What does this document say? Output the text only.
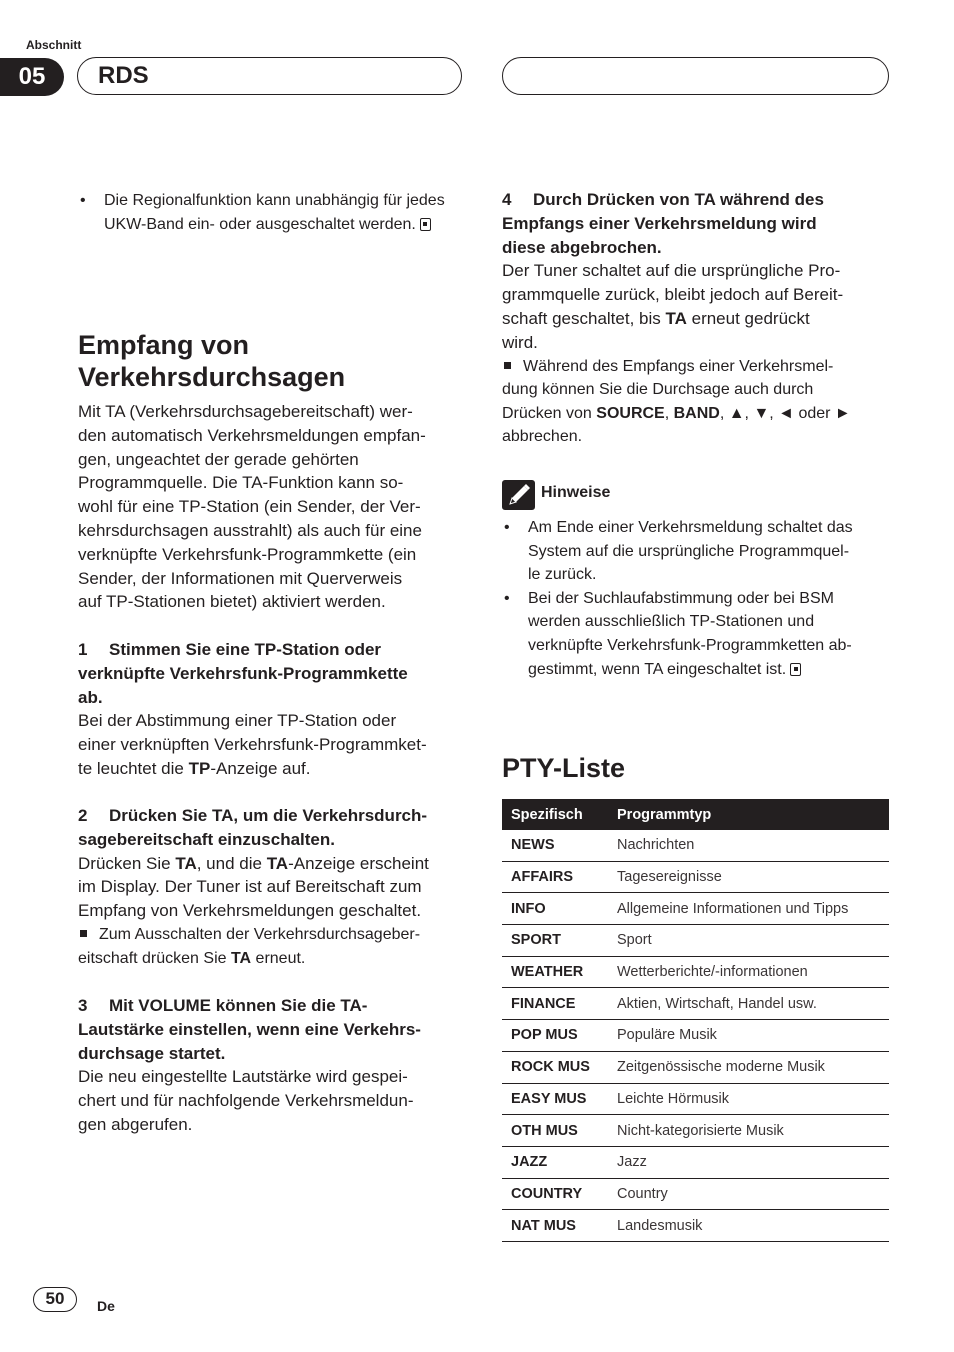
Abschnitt
05	RDS
• Die Regionalfunktion kann unabhängig für jedes UKW-Band ein- oder ausgeschaltet werden.
Empfang von
Verkehrsdurchsagen
Mit TA (Verkehrsdurchsagebereitschaft) wer-
den automatisch Verkehrsmeldungen empfan-
gen, ungeachtet der gerade gehörten
Programmquelle. Die TA-Funktion kann so-
wohl für eine TP-Station (ein Sender, der Ver-
kehrsdurchsagen ausstrahlt) als auch für eine
verknüpfte Verkehrsfunk-Programmkette (ein
Sender, der Informationen mit Querverweis
auf TP-Stationen bietet) aktiviert werden.
1 Stimmen Sie eine TP-Station oder
verknüpfte Verkehrsfunk-Programmkette
ab.
Bei der Abstimmung einer TP-Station oder
einer verknüpften Verkehrsfunk-Programmket-
te leuchtet die TP-Anzeige auf.
2 Drücken Sie TA, um die Verkehrsdurch-
sagebereitschaft einzuschalten.
Drücken Sie TA, und die TA-Anzeige erscheint
im Display. Der Tuner ist auf Bereitschaft zum
Empfang von Verkehrsmeldungen geschaltet.
Zum Ausschalten der Verkehrsdurchsageber-
eitschaft drücken Sie TA erneut.
3 Mit VOLUME können Sie die TA-
Lautstärke einstellen, wenn eine Verkehrs-
durchsage startet.
Die neu eingestellte Lautstärke wird gespei-
chert und für nachfolgende Verkehrsmeldun-
gen abgerufen.
4 Durch Drücken von TA während des
Empfangs einer Verkehrsmeldung wird
diese abgebrochen.
Der Tuner schaltet auf die ursprüngliche Pro-
grammquelle zurück, bleibt jedoch auf Bereit-
schaft geschaltet, bis TA erneut gedrückt
wird.
Während des Empfangs einer Verkehrsmel-
dung können Sie die Durchsage auch durch
Drücken von SOURCE, BAND, ▲, ▼, ◄ oder ►
abbrechen.
Hinweise
• Am Ende einer Verkehrsmeldung schaltet das
System auf die ursprüngliche Programmquel-
le zurück.
• Bei der Suchlaufabstimmung oder bei BSM
werden ausschließlich TP-Stationen und
verknüpfte Verkehrsfunk-Programmketten ab-
gestimmt, wenn TA eingeschaltet ist.
PTY-Liste
Spezifisch	Programmtyp
NEWS	Nachrichten
AFFAIRS	Tagesereignisse
INFO	Allgemeine Informationen und Tipps
SPORT	Sport
WEATHER	Wetterberichte/-informationen
FINANCE	Aktien, Wirtschaft, Handel usw.
POP MUS	Populäre Musik
ROCK MUS	Zeitgenössische moderne Musik
EASY MUS	Leichte Hörmusik
OTH MUS	Nicht-kategorisierte Musik
JAZZ	Jazz
COUNTRY	Country
NAT MUS	Landesmusik
50	De
